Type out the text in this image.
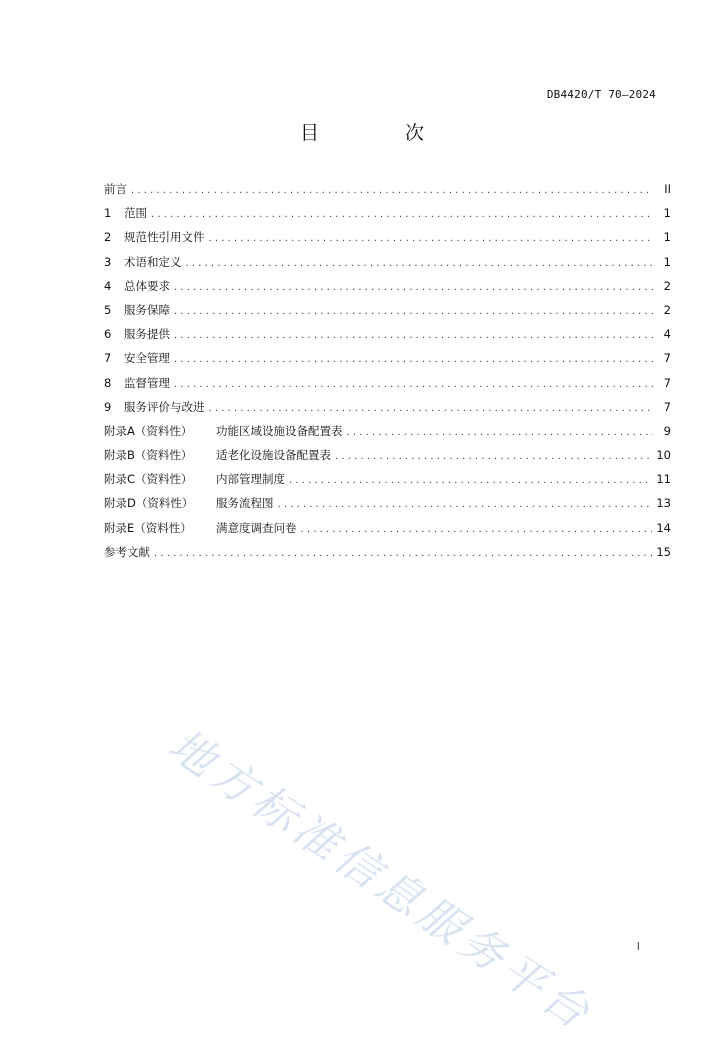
DB4420/T 70—2024
目 次
前言 . . .	II
1	范围 . . .	1
2	规范性引用文件 . . .	1
3	术语和定义 . . .	1
4	总体要求 . . .	2
5	服务保障 . . .	2
6	服务提供 . . .	4
7	安全管理 . . .	7
8	监督管理 . . .	7
9	服务评价与改进 . . .	7
附录A（资料性）	功能区域设施设备配置表 . . .	9
附录B（资料性）	适老化设施设备配置表 . . .	10
附录C（资料性）	内部管理制度 . . .	11
附录D（资料性）	服务流程图 . . .	13
附录E（资料性）	满意度调查问卷 . . .	14
参考文献 . . .	15
地方标准信息服务平台	I
